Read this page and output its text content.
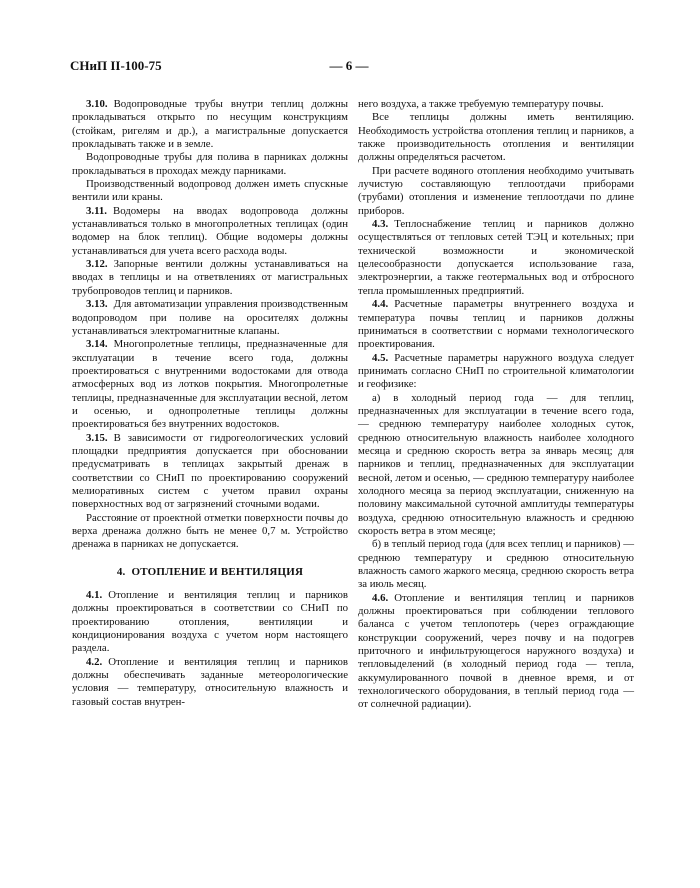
СНиП II-100-75	— 6 —

3.10. Водопроводные трубы внутри теплиц должны прокладываться открыто по несущим конструкциям (стойкам, ригелям и др.), а магистральные допускается прокладывать также и в земле.

Водопроводные трубы для полива в парниках должны прокладываться в проходах между парниками.

Производственный водопровод должен иметь спускные вентили или краны.

3.11. Водомеры на вводах водопровода должны устанавливаться только в многопролетных теплицах (один водомер на блок теплиц). Общие водомеры должны устанавливаться для учета всего расхода воды.

3.12. Запорные вентили должны устанавливаться на вводах в теплицы и на ответвлениях от магистральных трубопроводов теплиц и парников.

3.13. Для автоматизации управления производственным водопроводом при поливе на оросителях должны устанавливаться электромагнитные клапаны.

3.14. Многопролетные теплицы, предназначенные для эксплуатации в течение всего года, должны проектироваться с внутренними водостоками для отвода атмосферных вод из лотков покрытия. Многопролетные теплицы, предназначенные для эксплуатации весной, летом и осенью, и однопролетные теплицы должны проектироваться без внутренних водостоков.

3.15. В зависимости от гидрогеологических условий площадки предприятия допускается при обосновании предусматривать в теплицах закрытый дренаж в соответствии со СНиП по проектированию сооружений мелиоративных систем с учетом правил охраны поверхностных вод от загрязнений сточными водами.

Расстояние от проектной отметки поверхности почвы до верха дренажа должно быть не менее 0,7 м. Устройство дренажа в парниках не допускается.

4. ОТОПЛЕНИЕ И ВЕНТИЛЯЦИЯ

4.1. Отопление и вентиляция теплиц и парников должны проектироваться в соответствии со СНиП по проектированию отопления, вентиляции и кондиционирования воздуха с учетом норм настоящего раздела.

4.2. Отопление и вентиляция теплиц и парников должны обеспечивать заданные метеорологические условия — температуру, относительную влажность и газовый состав внутрен-

него воздуха, а также требуемую температуру почвы.

Все теплицы должны иметь вентиляцию. Необходимость устройства отопления теплиц и парников, а также производительность отопления и вентиляции должны определяться расчетом.

При расчете водяного отопления необходимо учитывать лучистую составляющую теплоотдачи приборами (трубами) отопления и изменение теплоотдачи по длине приборов.

4.3. Теплоснабжение теплиц и парников должно осуществляться от тепловых сетей ТЭЦ и котельных; при технической возможности и экономической целесообразности допускается использование газа, электроэнергии, а также геотермальных вод и отбросного тепла промышленных предприятий.

4.4. Расчетные параметры внутреннего воздуха и температура почвы теплиц и парников должны приниматься в соответствии с нормами технологического проектирования.

4.5. Расчетные параметры наружного воздуха следует принимать согласно СНиП по строительной климатологии и геофизике:

а) в холодный период года — для теплиц, предназначенных для эксплуатации в течение всего года, — среднюю температуру наиболее холодных суток, среднюю относительную влажность наиболее холодного месяца и среднюю скорость ветра за январь месяц; для парников и теплиц, предназначенных для эксплуатации весной, летом и осенью, — среднюю температуру наиболее холодного месяца за период эксплуатации, сниженную на половину максимальной суточной амплитуды температуры воздуха, среднюю относительную влажность и среднюю скорость ветра в этом месяце;

б) в теплый период года (для всех теплиц и парников) — среднюю температуру и среднюю относительную влажность самого жаркого месяца, среднюю скорость ветра за июль месяц.

4.6. Отопление и вентиляция теплиц и парников должны проектироваться при соблюдении теплового баланса с учетом теплопотерь (через ограждающие конструкции сооружений, через почву и на подогрев приточного и инфильтрующегося наружного воздуха) и тепловыделений (в холодный период года — тепла, аккумулированного почвой в дневное время, и от технологического оборудования, в теплый период года — от солнечной радиации).
